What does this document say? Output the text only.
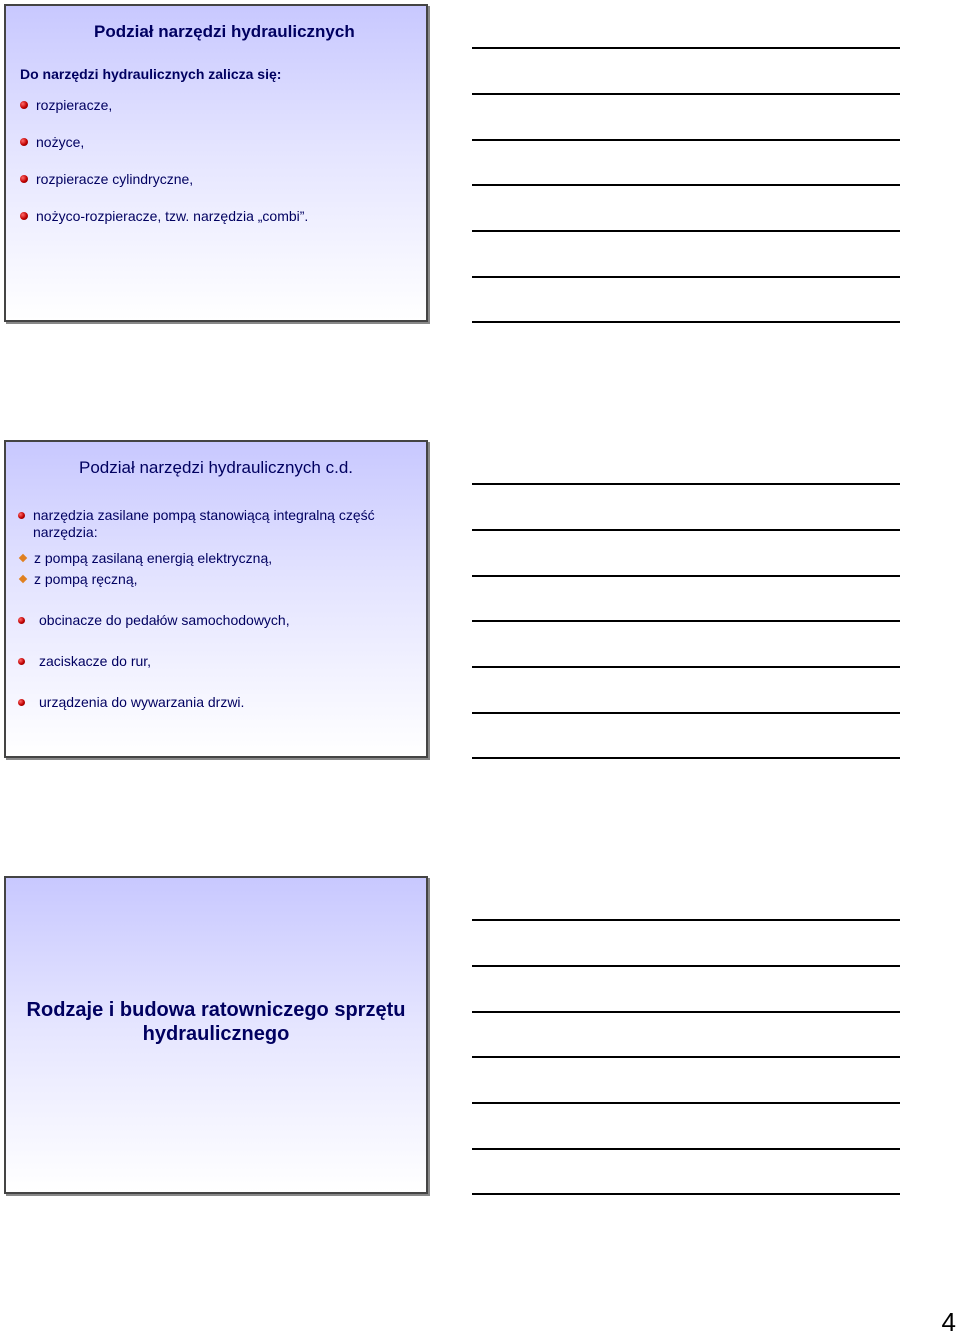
Podział narzędzi hydraulicznych
Do narzędzi hydraulicznych zalicza się:
rozpieracze,
nożyce,
rozpieracze cylindryczne,
nożyco-rozpieracze, tzw. narzędzia „combi”.
Podział narzędzi hydraulicznych c.d.
narzędzia zasilane pompą stanowiącą integralną część
narzędzia:
z pompą zasilaną energią elektryczną,
z pompą ręczną,
obcinacze do pedałów samochodowych,
zaciskacze do rur,
urządzenia do wywarzania drzwi.
Rodzaje i budowa ratowniczego sprzętu
hydraulicznego
4
